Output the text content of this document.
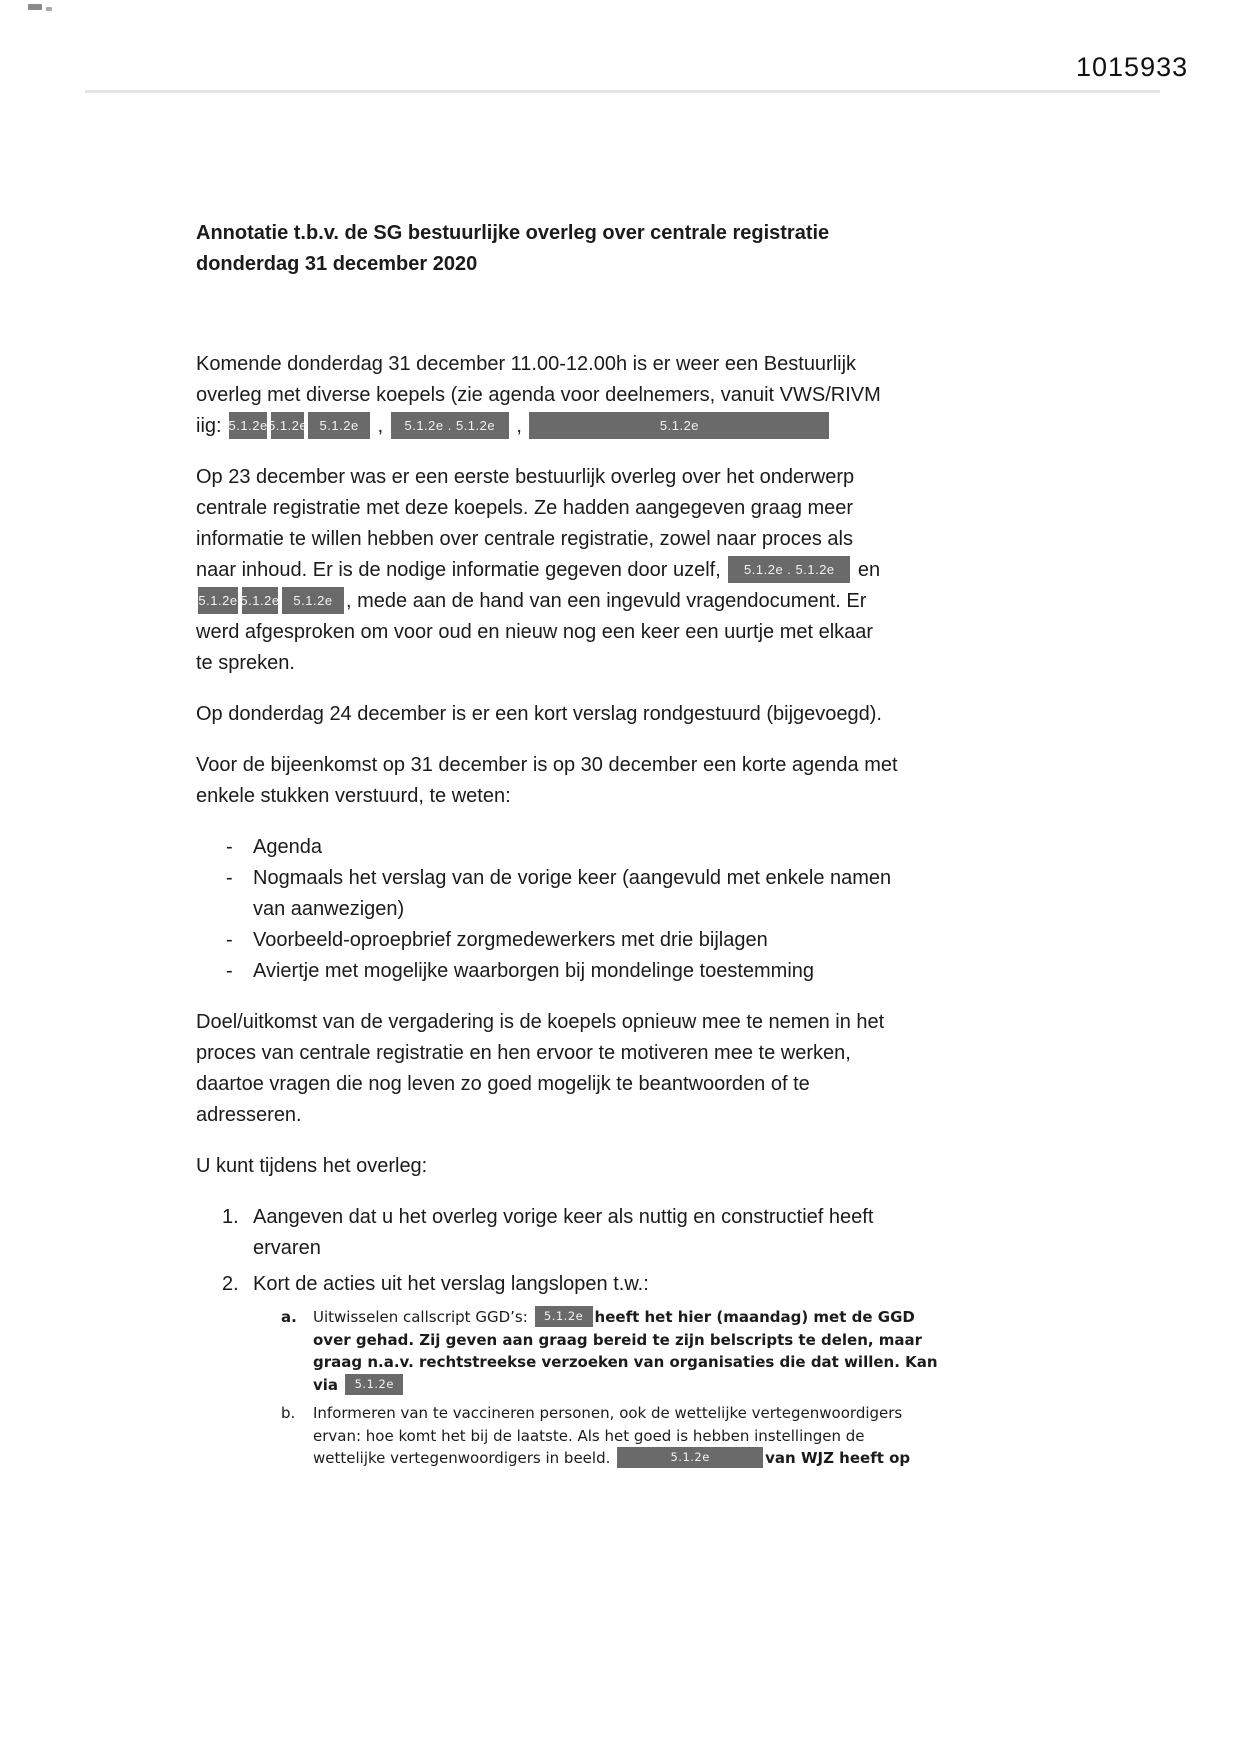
1015933
Annotatie t.b.v. de SG bestuurlijke overleg over centrale registratie
donderdag 31 december 2020
Komende donderdag 31 december 11.00-12.00h is er weer een Bestuurlijk
overleg met diverse koepels (zie agenda voor deelnemers, vanuit VWS/RIVM
iig: 5.1.2e5.1.2e 5.1.2e , 5.1.2e . 5.1.2e ,	5.1.2e
Op 23 december was er een eerste bestuurlijk overleg over het onderwerp
centrale registratie met deze koepels. Ze hadden aangegeven graag meer
informatie te willen hebben over centrale registratie, zowel naar proces als
naar inhoud. Er is de nodige informatie gegeven door uzelf, 5.1.2e . 5.1.2e en
5.1.2e 5.1.2e 5.1.2e , mede aan de hand van een ingevuld vragendocument. Er
werd afgesproken om voor oud en nieuw nog een keer een uurtje met elkaar
te spreken.
Op donderdag 24 december is er een kort verslag rondgestuurd (bijgevoegd).
Voor de bijeenkomst op 31 december is op 30 december een korte agenda met
enkele stukken verstuurd, te weten:
- Agenda
- Nogmaals het verslag van de vorige keer (aangevuld met enkele namen
van aanwezigen)
- Voorbeeld-oproepbrief zorgmedewerkers met drie bijlagen
- Aviertje met mogelijke waarborgen bij mondelinge toestemming
Doel/uitkomst van de vergadering is de koepels opnieuw mee te nemen in het
proces van centrale registratie en hen ervoor te motiveren mee te werken,
daartoe vragen die nog leven zo goed mogelijk te beantwoorden of te
adresseren.
U kunt tijdens het overleg:
1. Aangeven dat u het overleg vorige keer als nuttig en constructief heeft
ervaren
2. Kort de acties uit het verslag langslopen t.w.:
a. Uitwisselen callscript GGD’s: 5.1.2e heeft het hier (maandag) met de GGD
over gehad. Zij geven aan graag bereid te zijn belscripts te delen, maar
graag n.a.v. rechtstreekse verzoeken van organisaties die dat willen. Kan
via 5.1.2e
b. Informeren van te vaccineren personen, ook de wettelijke vertegenwoordigers
ervan: hoe komt het bij de laatste. Als het goed is hebben instellingen de
wettelijke vertegenwoordigers in beeld.	5.1.2e	van WJZ heeft op
